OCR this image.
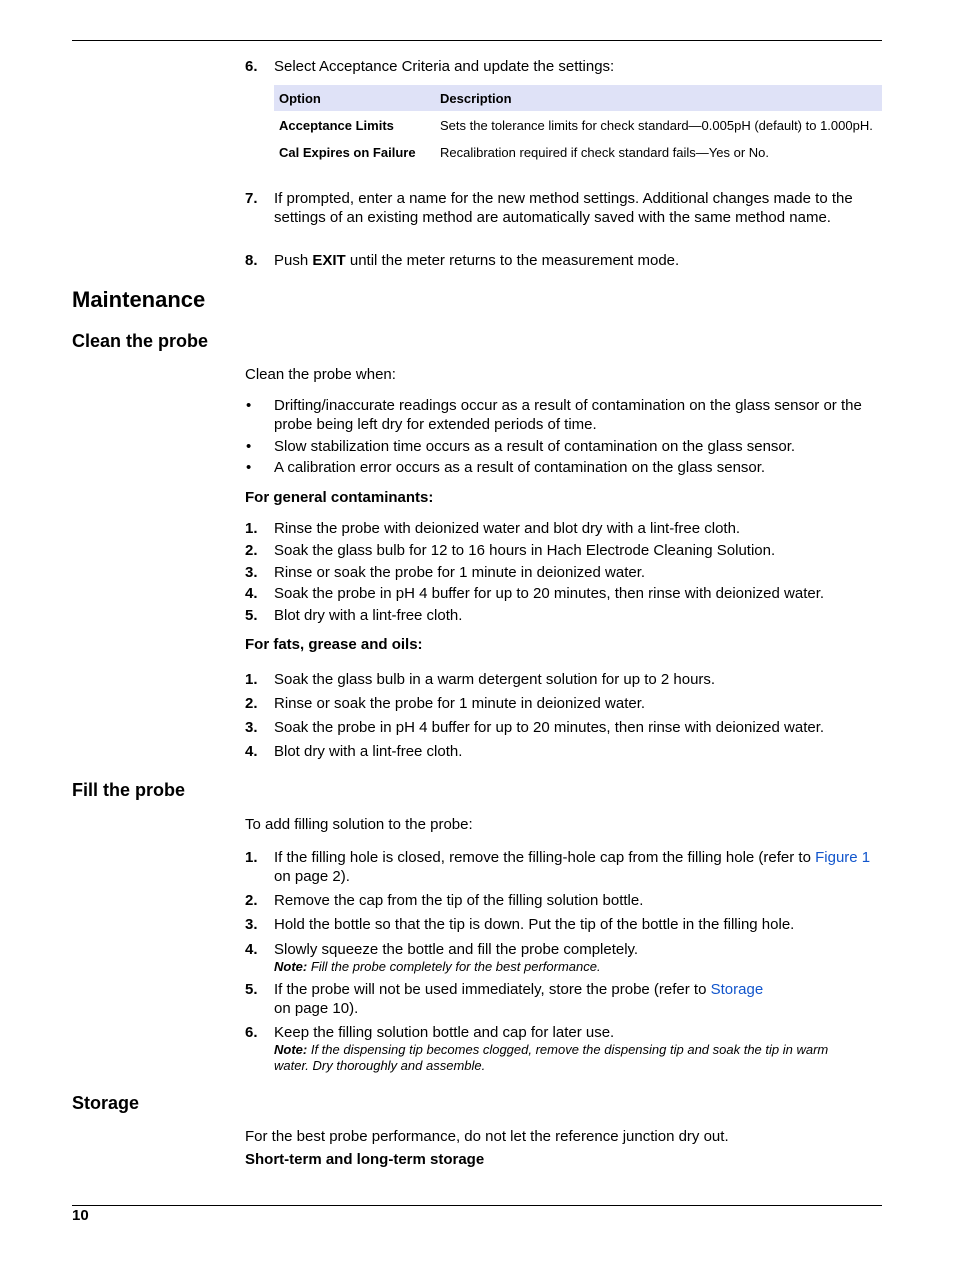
6. Select Acceptance Criteria and update the settings:
Option	Description
Acceptance Limits	Sets the tolerance limits for check standard—0.005pH (default) to 1.000pH.
Cal Expires on Failure	Recalibration required if check standard fails—Yes or No.
7. If prompted, enter a name for the new method settings. Additional changes made to the settings of an existing method are automatically saved with the same method name.
8. Push EXIT until the meter returns to the measurement mode.
Maintenance
Clean the probe
Clean the probe when:
• Drifting/inaccurate readings occur as a result of contamination on the glass sensor or the probe being left dry for extended periods of time.
• Slow stabilization time occurs as a result of contamination on the glass sensor.
• A calibration error occurs as a result of contamination on the glass sensor.
For general contaminants:
1. Rinse the probe with deionized water and blot dry with a lint-free cloth.
2. Soak the glass bulb for 12 to 16 hours in Hach Electrode Cleaning Solution.
3. Rinse or soak the probe for 1 minute in deionized water.
4. Soak the probe in pH 4 buffer for up to 20 minutes, then rinse with deionized water.
5. Blot dry with a lint-free cloth.
For fats, grease and oils:
1. Soak the glass bulb in a warm detergent solution for up to 2 hours.
2. Rinse or soak the probe for 1 minute in deionized water.
3. Soak the probe in pH 4 buffer for up to 20 minutes, then rinse with deionized water.
4. Blot dry with a lint-free cloth.
Fill the probe
To add filling solution to the probe:
1. If the filling hole is closed, remove the filling-hole cap from the filling hole (refer to Figure 1 on page 2).
2. Remove the cap from the tip of the filling solution bottle.
3. Hold the bottle so that the tip is down. Put the tip of the bottle in the filling hole.
4. Slowly squeeze the bottle and fill the probe completely.
Note: Fill the probe completely for the best performance.
5. If the probe will not be used immediately, store the probe (refer to Storage
on page 10).
6. Keep the filling solution bottle and cap for later use.
Note: If the dispensing tip becomes clogged, remove the dispensing tip and soak the tip in warm water. Dry thoroughly and assemble.
Storage
For the best probe performance, do not let the reference junction dry out.
Short-term and long-term storage
10
